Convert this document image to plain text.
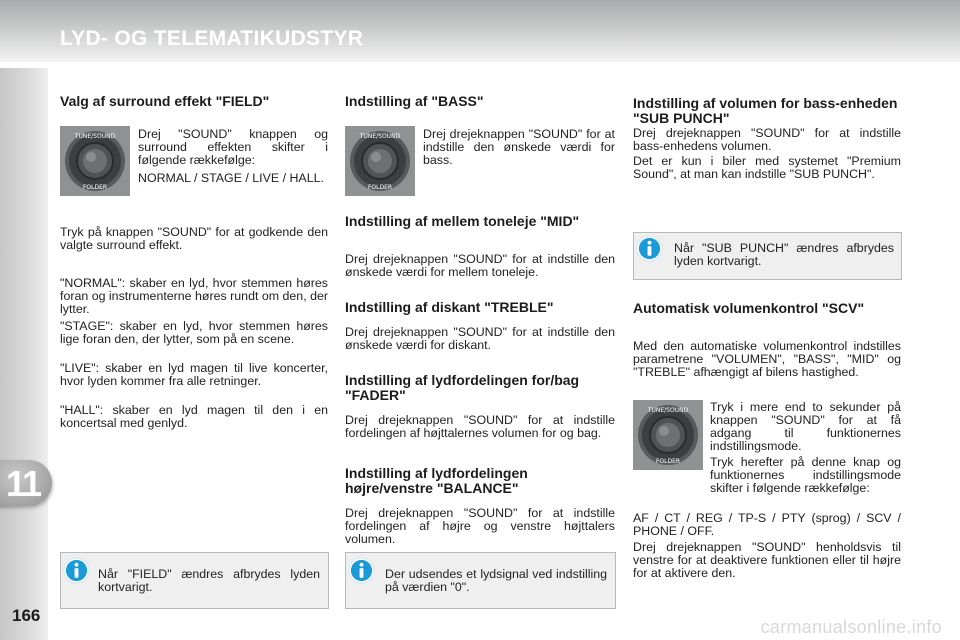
LYD- OG TELEMATIKUDSTYR
11
166
Valg af surround effekt "FIELD"
TUNE/SOUND
FOLDER

Drej "SOUND" knappen og surround effekten skifter i følgende rækkefølge:

NORMAL / STAGE / LIVE / HALL.

Tryk på knappen "SOUND" for at godkende den valgte surround effekt.

"NORMAL": skaber en lyd, hvor stemmen høres foran og instrumenterne høres rundt om den, der lytter.

"STAGE": skaber en lyd, hvor stemmen høres lige foran den, der lytter, som på en scene.

"LIVE": skaber en lyd magen til live koncerter, hvor lyden kommer fra alle retninger.

"HALL": skaber en lyd magen til den i en koncertsal med genlyd.

Når "FIELD" ændres afbrydes lyden kortvarigt.
Indstilling af "BASS"
TUNE/SOUND
FOLDER

Drej drejeknappen "SOUND" for at indstille den ønskede værdi for bass.

Indstilling af mellem toneleje "MID"

Drej drejeknappen "SOUND" for at indstille den ønskede værdi for mellem toneleje.

Indstilling af diskant "TREBLE"

Drej drejeknappen "SOUND" for at indstille den ønskede værdi for diskant.

Indstilling af lydfordelingen for/bag "FADER"

Drej drejeknappen "SOUND" for at indstille fordelingen af højttalernes volumen for og bag.

Indstilling af lydfordelingen højre/venstre "BALANCE"

Drej drejeknappen "SOUND" for at indstille fordelingen af højre og venstre højttalers volumen.

Der udsendes et lydsignal ved indstilling på værdien "0".
Indstilling af volumen for bass-enheden "SUB PUNCH"

Drej drejeknappen "SOUND" for at indstille bass-enhedens volumen.

Det er kun i biler med systemet "Premium Sound", at man kan indstille "SUB PUNCH".

Automatisk volumenkontrol "SCV"

Med den automatiske volumenkontrol indstilles parametrene "VOLUMEN", "BASS", "MID" og "TREBLE" afhængigt af bilens hastighed.

TUNE/SOUND
FOLDER

Tryk i mere end to sekunder på knappen "SOUND" for at få adgang til funktionernes indstillingsmode.

Tryk herefter på denne knap og funktionernes indstillingsmode skifter i følgende rækkefølge:

AF / CT / REG / TP-S / PTY (sprog) / SCV / PHONE / OFF.

Drej drejeknappen "SOUND" henholdsvis til venstre for at deaktivere funktionen eller til højre for at aktivere den.

Når "SUB PUNCH" ændres afbrydes lyden kortvarigt.
carmanualsonline.info
